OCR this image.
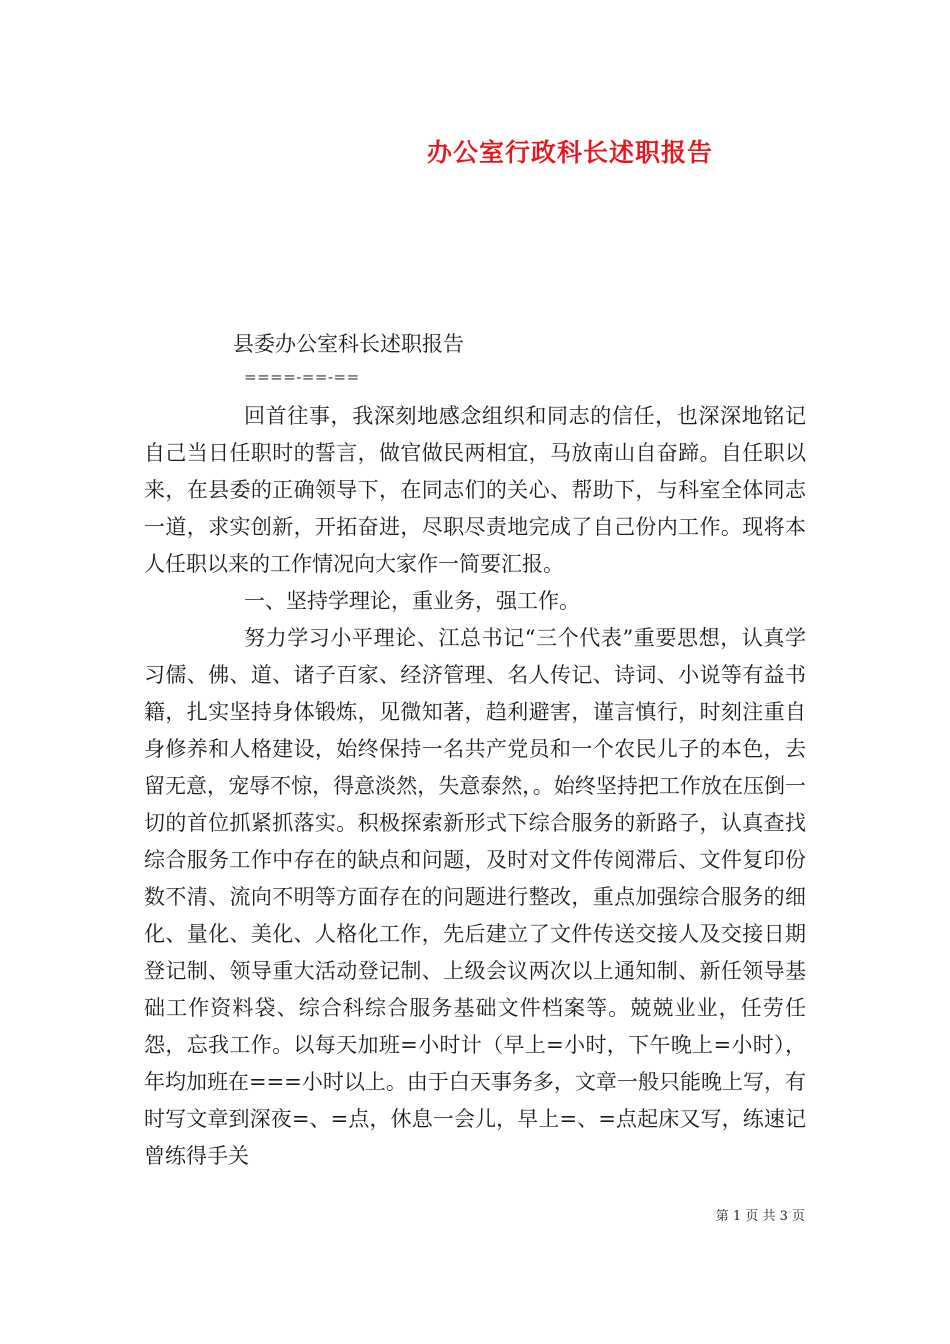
办公室行政科长述职报告
县委办公室科长述职报告
====-==-==

回首往事，我深刻地感念组织和同志的信任，也深深地铭记自己当日任职时的誓言，做官做民两相宜，马放南山自奋蹄。自任职以来，在县委的正确领导下，在同志们的关心、帮助下，与科室全体同志一道，求实创新，开拓奋进，尽职尽责地完成了自己份内工作。现将本人任职以来的工作情况向大家作一简要汇报。

一、坚持学理论，重业务，强工作。

努力学习小平理论、江总书记“三个代表”重要思想，认真学习儒、佛、道、诸子百家、经济管理、名人传记、诗词、小说等有益书籍，扎实坚持身体锻炼，见微知著，趋利避害，谨言慎行，时刻注重自身修养和人格建设，始终保持一名共产党员和一个农民儿子的本色，去留无意，宠辱不惊，得意淡然，失意泰然，。始终坚持把工作放在压倒一切的首位抓紧抓落实。积极探索新形式下综合服务的新路子，认真查找综合服务工作中存在的缺点和问题，及时对文件传阅滞后、文件复印份数不清、流向不明等方面存在的问题进行整改，重点加强综合服务的细化、量化、美化、人格化工作，先后建立了文件传送交接人及交接日期登记制、领导重大活动登记制、上级会议两次以上通知制、新任领导基础工作资料袋、综合科综合服务基础文件档案等。兢兢业业，任劳任怨，忘我工作。以每天加班=小时计（早上=小时，下午晚上=小时），年均加班在===小时以上。由于白天事务多，文章一般只能晚上写，有时写文章到深夜=、=点，休息一会儿，早上=、=点起床又写，练速记曾练得手关

第 1 页 共 3 页
